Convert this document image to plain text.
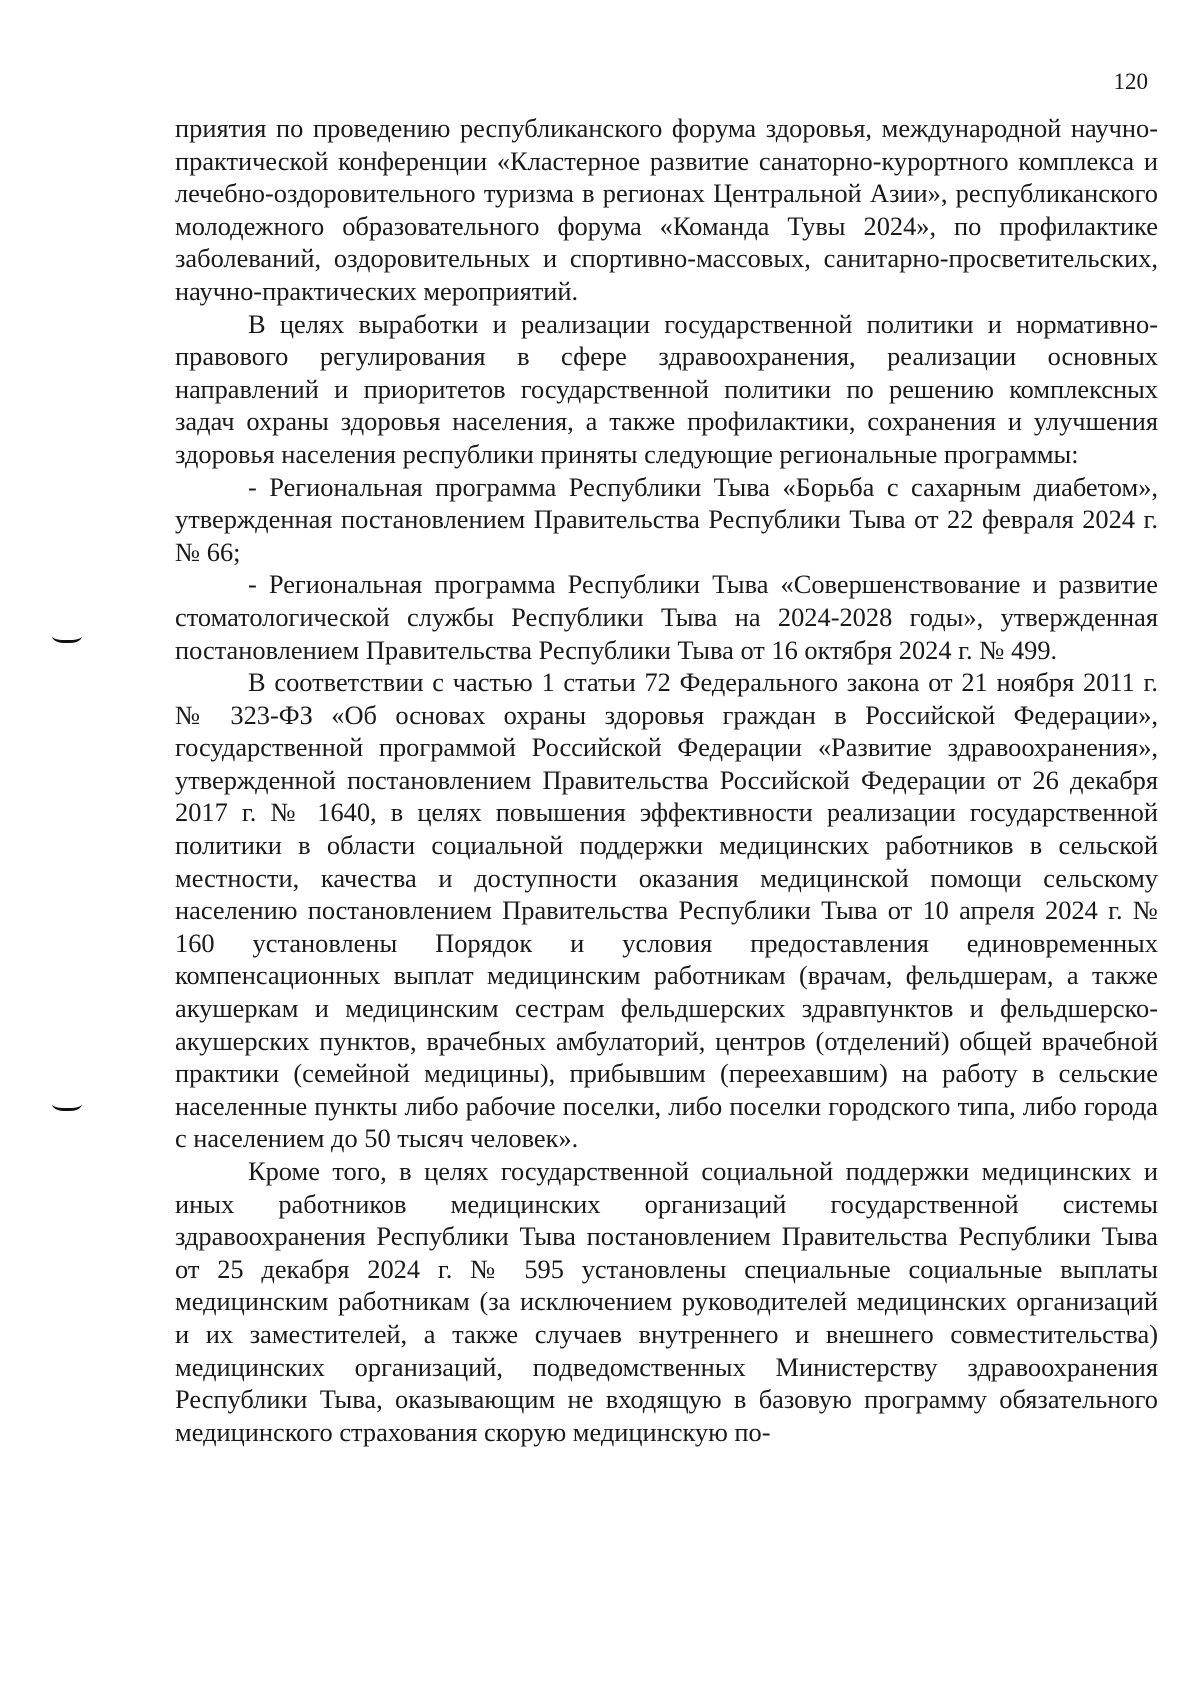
120

приятия по проведению республиканского форума здоровья, международной научно-практической конференции «Кластерное развитие санаторно-курортного комплекса и лечебно-оздоровительного туризма в регионах Центральной Азии», республиканского молодежного образовательного форума «Команда Тувы 2024», по профилактике заболеваний, оздоровительных и спортивно-массовых, санитарно-просветительских, научно-практических мероприятий.

В целях выработки и реализации государственной политики и нормативно-правового регулирования в сфере здравоохранения, реализации основных направлений и приоритетов государственной политики по решению комплексных задач охраны здоровья населения, а также профилактики, сохранения и улучшения здоровья населения республики приняты следующие региональные программы:

- Региональная программа Республики Тыва «Борьба с сахарным диабетом», утвержденная постановлением Правительства Республики Тыва от 22 февраля 2024 г. № 66;

- Региональная программа Республики Тыва «Совершенствование и развитие стоматологической службы Республики Тыва на 2024-2028 годы», утвержденная постановлением Правительства Республики Тыва от 16 октября 2024 г. № 499.

В соответствии с частью 1 статьи 72 Федерального закона от 21 ноября 2011 г. № 323-ФЗ «Об основах охраны здоровья граждан в Российской Федерации», государственной программой Российской Федерации «Развитие здравоохранения», утвержденной постановлением Правительства Российской Федерации от 26 декабря 2017 г. № 1640, в целях повышения эффективности реализации государственной политики в области социальной поддержки медицинских работников в сельской местности, качества и доступности оказания медицинской помощи сельскому населению постановлением Правительства Республики Тыва от 10 апреля 2024 г. № 160 установлены Порядок и условия предоставления единовременных компенсационных выплат медицинским работникам (врачам, фельдшерам, а также акушеркам и медицинским сестрам фельдшерских здравпунктов и фельдшерско-акушерских пунктов, врачебных амбулаторий, центров (отделений) общей врачебной практики (семейной медицины), прибывшим (переехавшим) на работу в сельские населенные пункты либо рабочие поселки, либо поселки городского типа, либо города с населением до 50 тысяч человек».

Кроме того, в целях государственной социальной поддержки медицинских и иных работников медицинских организаций государственной системы здравоохранения Республики Тыва постановлением Правительства Республики Тыва от 25 декабря 2024 г. № 595 установлены специальные социальные выплаты медицинским работникам (за исключением руководителей медицинских организаций и их заместителей, а также случаев внутреннего и внешнего совместительства) медицинских организаций, подведомственных Министерству здравоохранения Республики Тыва, оказывающим не входящую в базовую программу обязательного медицинского страхования скорую медицинскую по-
